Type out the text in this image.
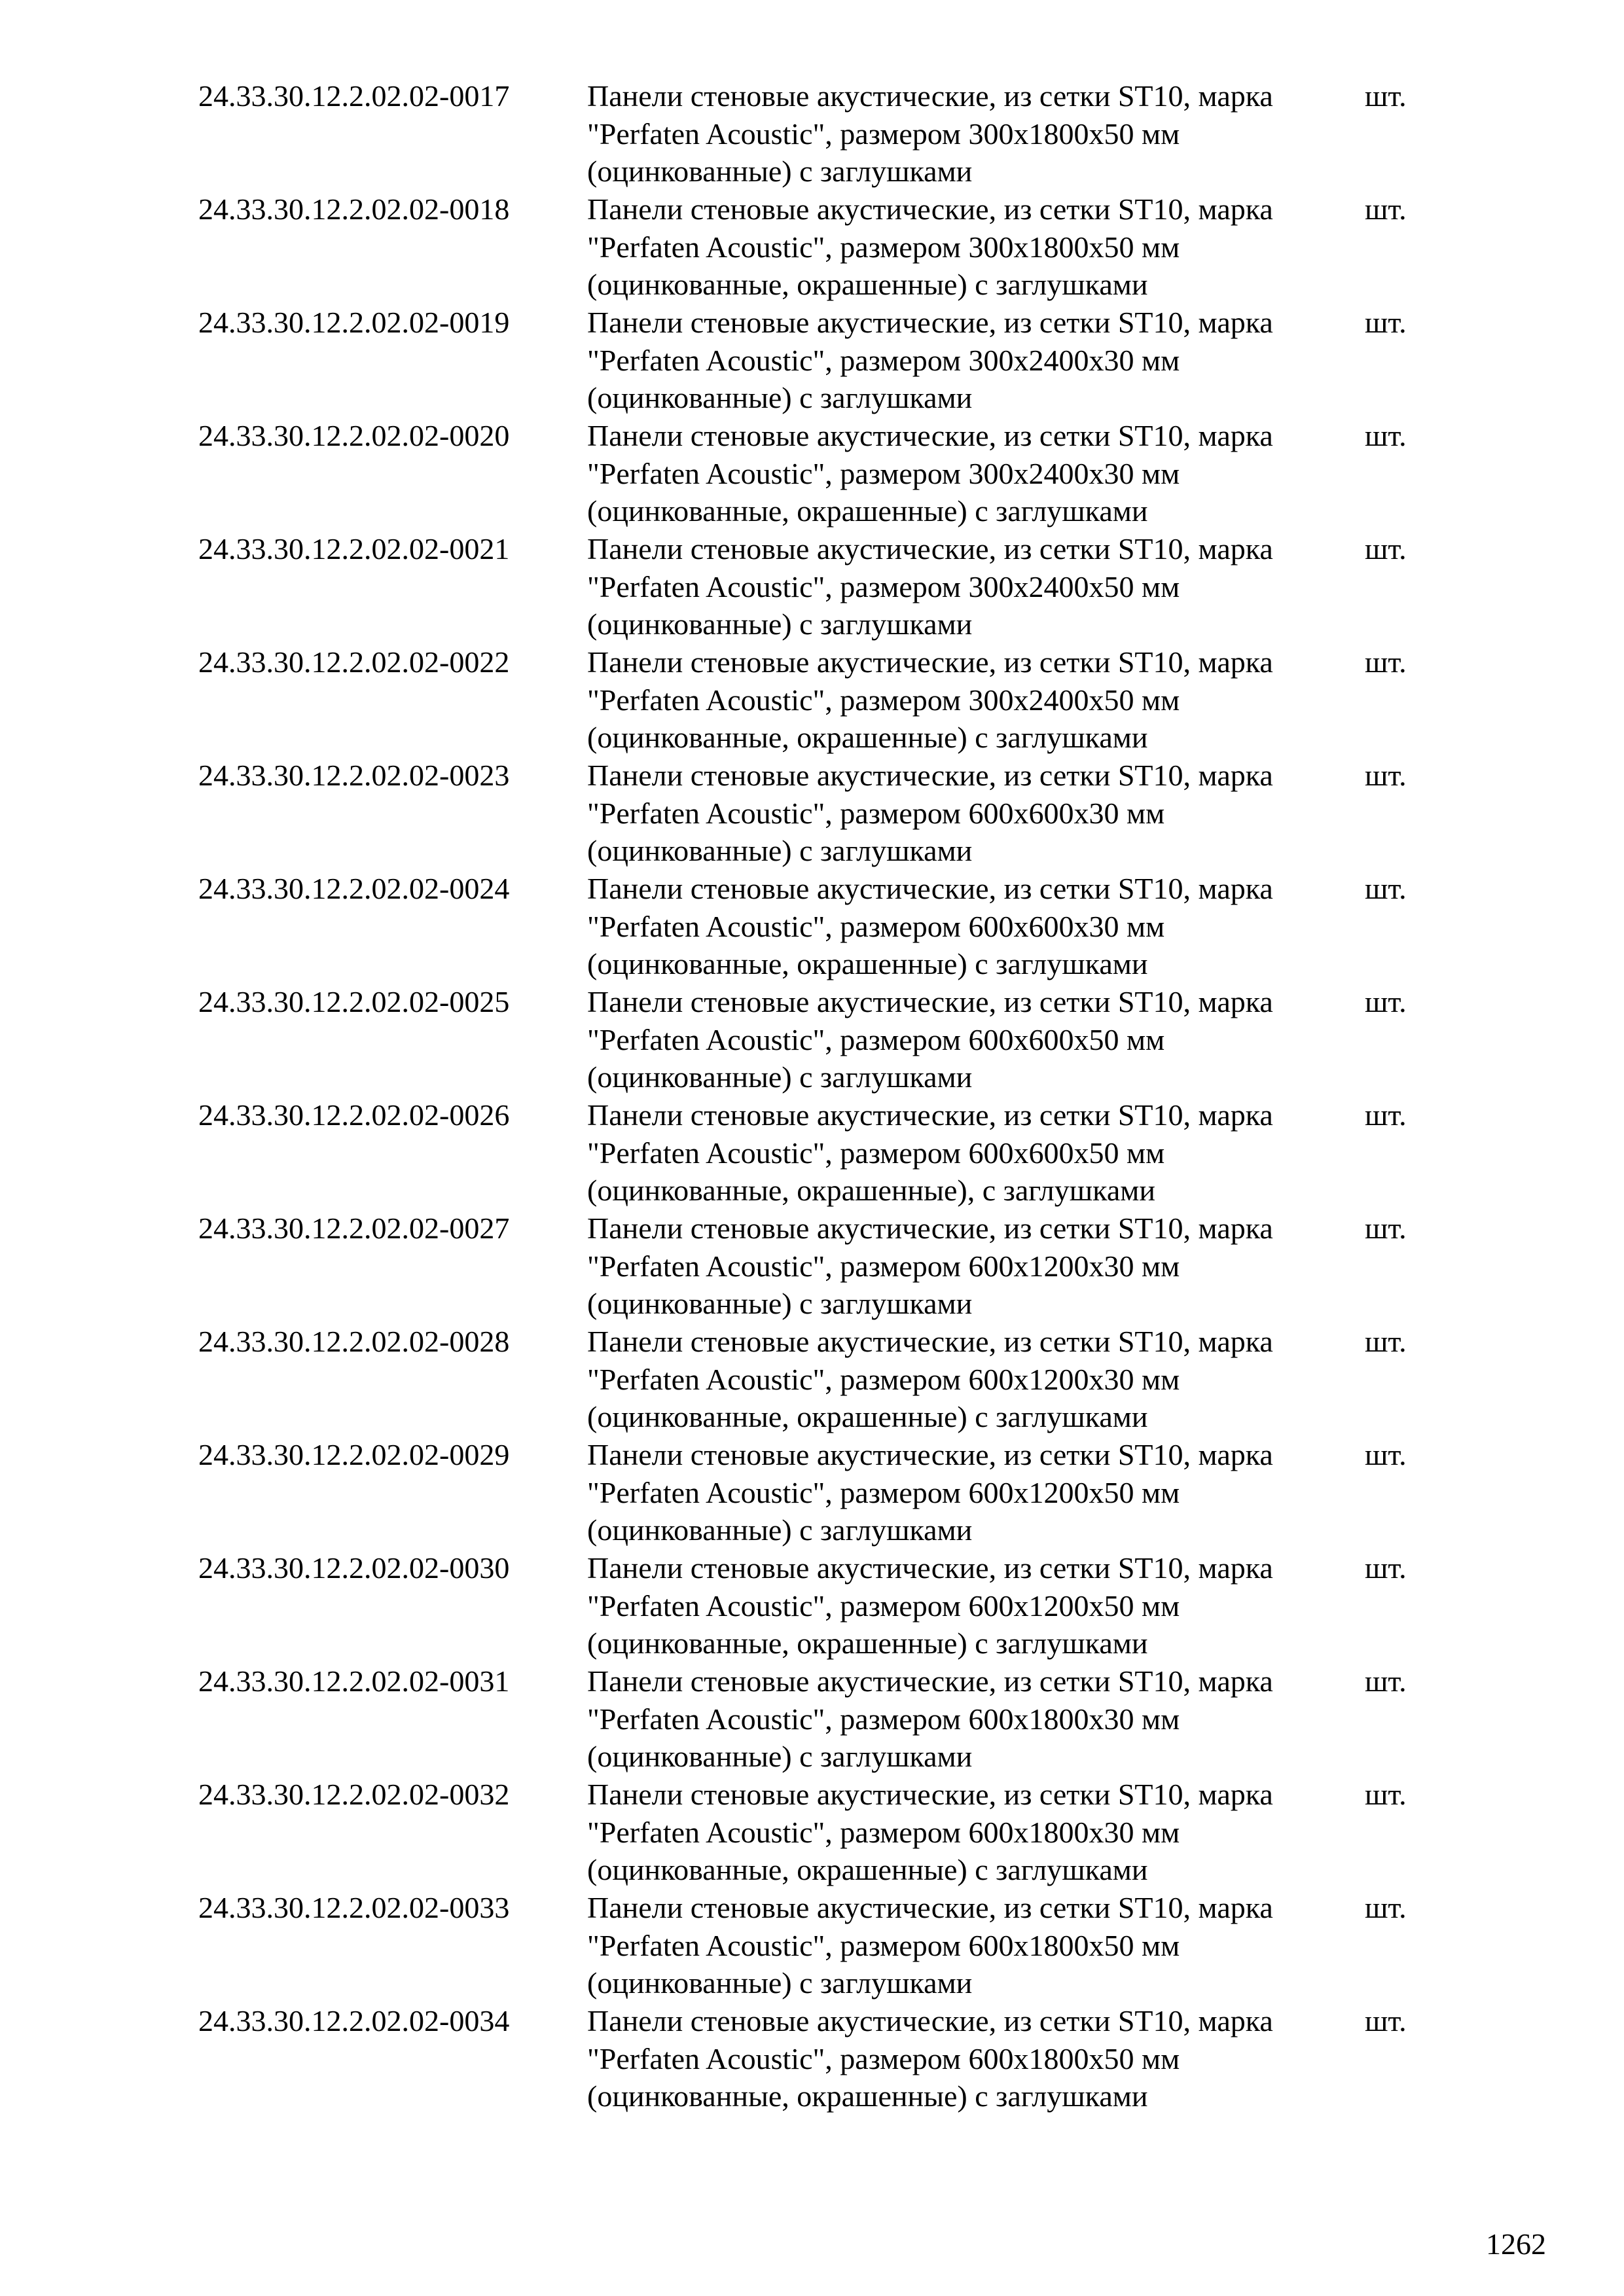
24.33.30.12.2.02.02-0017	Панели стеновые акустические, из сетки ST10, марка
"Perfaten Acoustic", размером 300x1800x50 мм
(оцинкованные) с заглушками
шт.
24.33.30.12.2.02.02-0018	Панели стеновые акустические, из сетки ST10, марка
"Perfaten Acoustic", размером 300x1800x50 мм
(оцинкованные, окрашенные) с заглушками
шт.
24.33.30.12.2.02.02-0019	Панели стеновые акустические, из сетки ST10, марка
"Perfaten Acoustic", размером 300x2400x30 мм
(оцинкованные) с заглушками
шт.
24.33.30.12.2.02.02-0020	Панели стеновые акустические, из сетки ST10, марка
"Perfaten Acoustic", размером 300x2400x30 мм
(оцинкованные, окрашенные) с заглушками
шт.
24.33.30.12.2.02.02-0021	Панели стеновые акустические, из сетки ST10, марка
"Perfaten Acoustic", размером 300x2400x50 мм
(оцинкованные) с заглушками
шт.
24.33.30.12.2.02.02-0022	Панели стеновые акустические, из сетки ST10, марка
"Perfaten Acoustic", размером 300x2400x50 мм
(оцинкованные, окрашенные) с заглушками
шт.
24.33.30.12.2.02.02-0023	Панели стеновые акустические, из сетки ST10, марка
"Perfaten Acoustic", размером 600x600x30 мм
(оцинкованные) с заглушками
шт.
24.33.30.12.2.02.02-0024	Панели стеновые акустические, из сетки ST10, марка
"Perfaten Acoustic", размером 600x600x30 мм
(оцинкованные, окрашенные) с заглушками
шт.
24.33.30.12.2.02.02-0025	Панели стеновые акустические, из сетки ST10, марка
"Perfaten Acoustic", размером 600x600x50 мм
(оцинкованные) с заглушками
шт.
24.33.30.12.2.02.02-0026	Панели стеновые акустические, из сетки ST10, марка
"Perfaten Acoustic", размером 600x600x50 мм
(оцинкованные, окрашенные), с заглушками
шт.
24.33.30.12.2.02.02-0027	Панели стеновые акустические, из сетки ST10, марка
"Perfaten Acoustic", размером 600x1200x30 мм
(оцинкованные) с заглушками
шт.
24.33.30.12.2.02.02-0028	Панели стеновые акустические, из сетки ST10, марка
"Perfaten Acoustic", размером 600x1200x30 мм
(оцинкованные, окрашенные) с заглушками
шт.
24.33.30.12.2.02.02-0029	Панели стеновые акустические, из сетки ST10, марка
"Perfaten Acoustic", размером 600x1200x50 мм
(оцинкованные) с заглушками
шт.
24.33.30.12.2.02.02-0030	Панели стеновые акустические, из сетки ST10, марка
"Perfaten Acoustic", размером 600x1200x50 мм
(оцинкованные, окрашенные) с заглушками
шт.
24.33.30.12.2.02.02-0031	Панели стеновые акустические, из сетки ST10, марка
"Perfaten Acoustic", размером 600x1800x30 мм
(оцинкованные) с заглушками
шт.
24.33.30.12.2.02.02-0032	Панели стеновые акустические, из сетки ST10, марка
"Perfaten Acoustic", размером 600x1800x30 мм
(оцинкованные, окрашенные) с заглушками
шт.
24.33.30.12.2.02.02-0033	Панели стеновые акустические, из сетки ST10, марка
"Perfaten Acoustic", размером 600x1800x50 мм
(оцинкованные) с заглушками
шт.
24.33.30.12.2.02.02-0034	Панели стеновые акустические, из сетки ST10, марка
"Perfaten Acoustic", размером 600x1800x50 мм
(оцинкованные, окрашенные) с заглушками
шт.
1262
